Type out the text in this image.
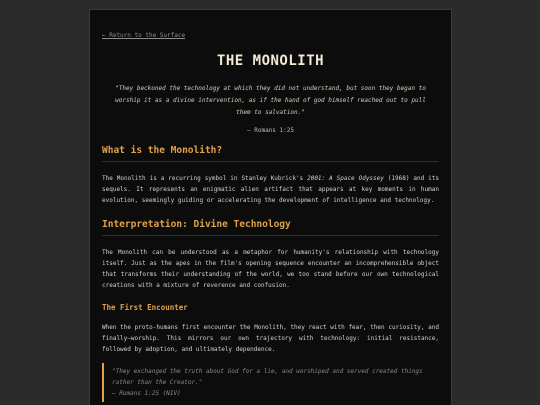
← Return to the Surface
THE MONOLITH
"They beckoned the technology at which they did not understand, but soon they began to worship it as a divine intervention, as if the hand of god himself reached out to pull them to salvation."
— Romans 1:25
What is the Monolith?

The Monolith is a recurring symbol in Stanley Kubrick's 2001: A Space Odyssey (1968) and its sequels. It represents an enigmatic alien artifact that appears at key moments in human evolution, seemingly guiding or accelerating the development of intelligence and technology.

Interpretation: Divine Technology

The Monolith can be understood as a metaphor for humanity's relationship with technology itself. Just as the apes in the film's opening sequence encounter an incomprehensible object that transforms their understanding of the world, we too stand before our own technological creations with a mixture of reverence and confusion.

The First Encounter

When the proto-humans first encounter the Monolith, they react with fear, then curiosity, and finally—worship. This mirrors our own trajectory with technology: initial resistance, followed by adoption, and ultimately dependence.

"They exchanged the truth about God for a lie, and worshiped and served created things rather than the Creator."
— Romans 1:25 (NIV)
